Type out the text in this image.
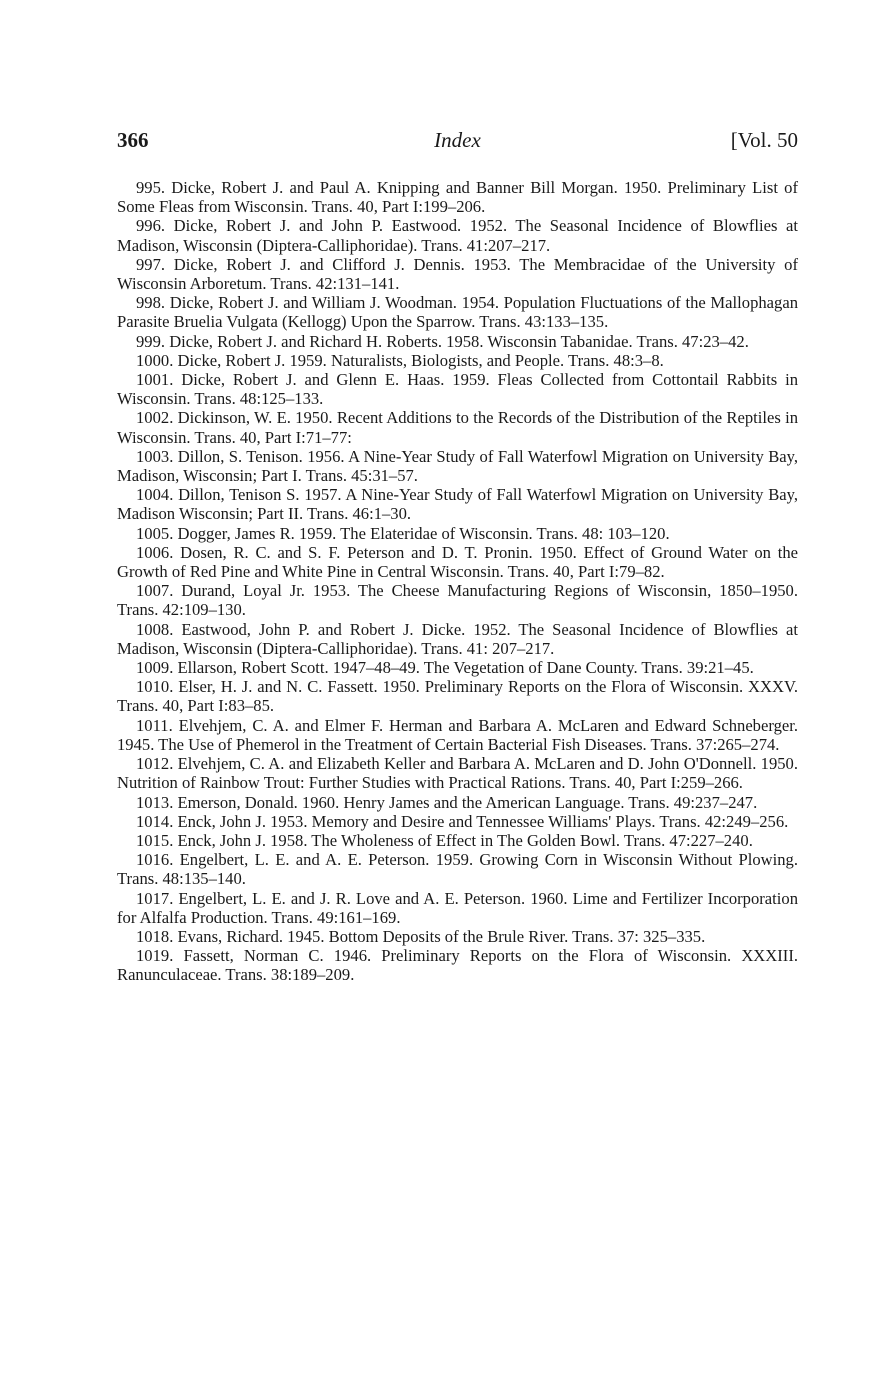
366	Index	[Vol. 50

995. Dicke, Robert J. and Paul A. Knipping and Banner Bill Morgan. 1950. Preliminary List of Some Fleas from Wisconsin. Trans. 40, Part I:199–206.

996. Dicke, Robert J. and John P. Eastwood. 1952. The Seasonal Incidence of Blowflies at Madison, Wisconsin (Diptera-Calliphoridae). Trans. 41:207–217.

997. Dicke, Robert J. and Clifford J. Dennis. 1953. The Membracidae of the University of Wisconsin Arboretum. Trans. 42:131–141.

998. Dicke, Robert J. and William J. Woodman. 1954. Population Fluctuations of the Mallophagan Parasite Bruelia Vulgata (Kellogg) Upon the Sparrow. Trans. 43:133–135.

999. Dicke, Robert J. and Richard H. Roberts. 1958. Wisconsin Tabanidae. Trans. 47:23–42.

1000. Dicke, Robert J. 1959. Naturalists, Biologists, and People. Trans. 48:3–8.

1001. Dicke, Robert J. and Glenn E. Haas. 1959. Fleas Collected from Cottontail Rabbits in Wisconsin. Trans. 48:125–133.

1002. Dickinson, W. E. 1950. Recent Additions to the Records of the Distribution of the Reptiles in Wisconsin. Trans. 40, Part I:71–77:

1003. Dillon, S. Tenison. 1956. A Nine-Year Study of Fall Waterfowl Migration on University Bay, Madison, Wisconsin; Part I. Trans. 45:31–57.

1004. Dillon, Tenison S. 1957. A Nine-Year Study of Fall Waterfowl Migration on University Bay, Madison Wisconsin; Part II. Trans. 46:1–30.

1005. Dogger, James R. 1959. The Elateridae of Wisconsin. Trans. 48: 103–120.

1006. Dosen, R. C. and S. F. Peterson and D. T. Pronin. 1950. Effect of Ground Water on the Growth of Red Pine and White Pine in Central Wisconsin. Trans. 40, Part I:79–82.

1007. Durand, Loyal Jr. 1953. The Cheese Manufacturing Regions of Wisconsin, 1850–1950. Trans. 42:109–130.

1008. Eastwood, John P. and Robert J. Dicke. 1952. The Seasonal Incidence of Blowflies at Madison, Wisconsin (Diptera-Calliphoridae). Trans. 41: 207–217.

1009. Ellarson, Robert Scott. 1947–48–49. The Vegetation of Dane County. Trans. 39:21–45.

1010. Elser, H. J. and N. C. Fassett. 1950. Preliminary Reports on the Flora of Wisconsin. XXXV. Trans. 40, Part I:83–85.

1011. Elvehjem, C. A. and Elmer F. Herman and Barbara A. McLaren and Edward Schneberger. 1945. The Use of Phemerol in the Treatment of Certain Bacterial Fish Diseases. Trans. 37:265–274.

1012. Elvehjem, C. A. and Elizabeth Keller and Barbara A. McLaren and D. John O'Donnell. 1950. Nutrition of Rainbow Trout: Further Studies with Practical Rations. Trans. 40, Part I:259–266.

1013. Emerson, Donald. 1960. Henry James and the American Language. Trans. 49:237–247.

1014. Enck, John J. 1953. Memory and Desire and Tennessee Williams' Plays. Trans. 42:249–256.

1015. Enck, John J. 1958. The Wholeness of Effect in The Golden Bowl. Trans. 47:227–240.

1016. Engelbert, L. E. and A. E. Peterson. 1959. Growing Corn in Wisconsin Without Plowing. Trans. 48:135–140.

1017. Engelbert, L. E. and J. R. Love and A. E. Peterson. 1960. Lime and Fertilizer Incorporation for Alfalfa Production. Trans. 49:161–169.

1018. Evans, Richard. 1945. Bottom Deposits of the Brule River. Trans. 37: 325–335.

1019. Fassett, Norman C. 1946. Preliminary Reports on the Flora of Wisconsin. XXXIII. Ranunculaceae. Trans. 38:189–209.
